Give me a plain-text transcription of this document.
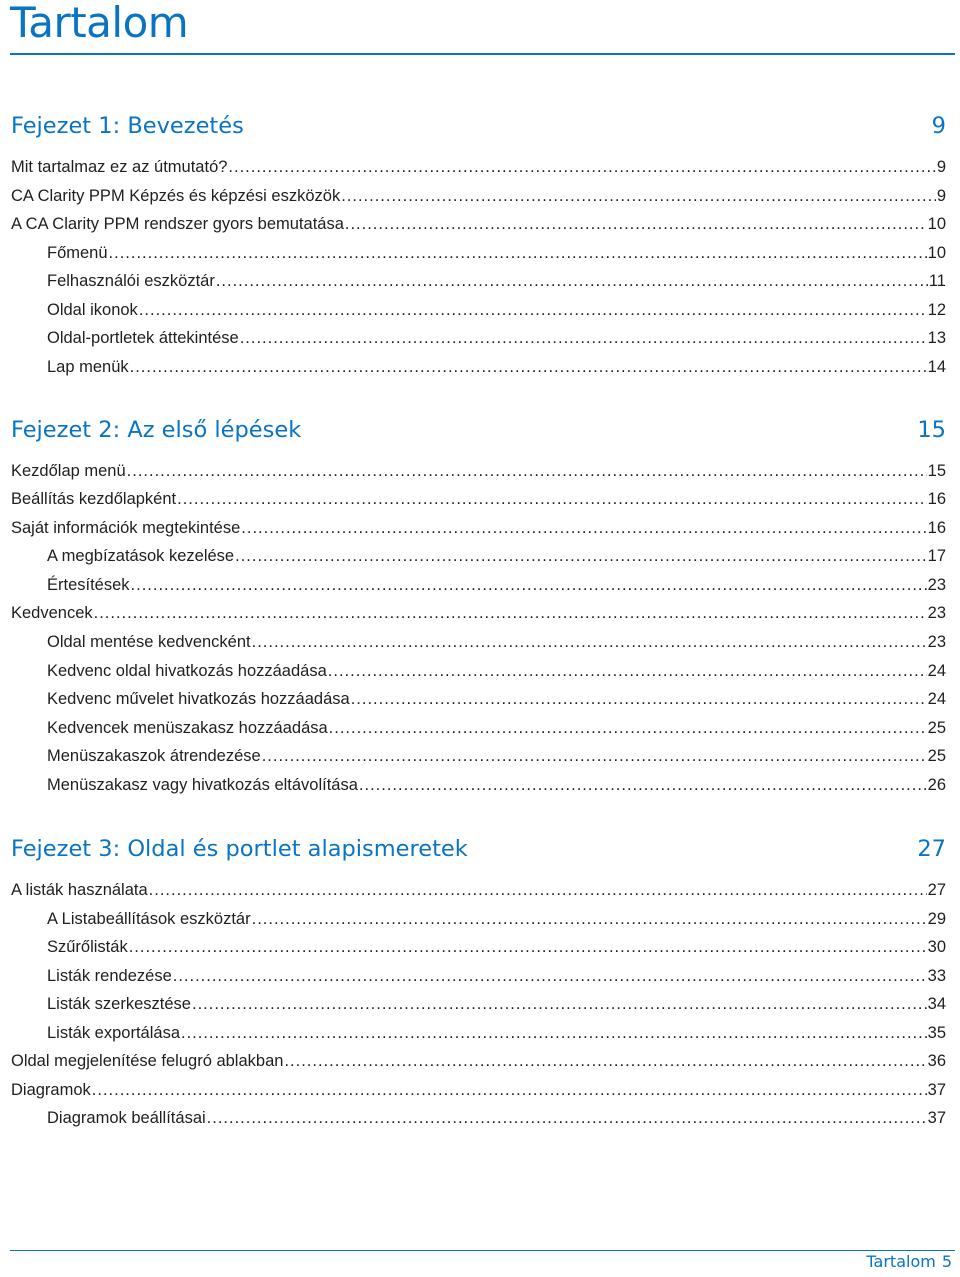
Tartalom
Fejezet 1: Bevezetés	9
Mit tartalmaz ez az útmutató? .....	9
CA Clarity PPM Képzés és képzési eszközök .....	9
A CA Clarity PPM rendszer gyors bemutatása .....	10
Főmenü .....	10
Felhasználói eszköztár .....	11
Oldal ikonok .....	12
Oldal-portletek áttekintése .....	13
Lap menük .....	14
Fejezet 2: Az első lépések	15
Kezdőlap menü .....	15
Beállítás kezdőlapként .....	16
Saját információk megtekintése .....	16
A megbízatások kezelése .....	17
Értesítések .....	23
Kedvencek .....	23
Oldal mentése kedvencként .....	23
Kedvenc oldal hivatkozás hozzáadása .....	24
Kedvenc művelet hivatkozás hozzáadása .....	24
Kedvencek menüszakasz hozzáadása .....	25
Menüszakaszok átrendezése .....	25
Menüszakasz vagy hivatkozás eltávolítása .....	26
Fejezet 3: Oldal és portlet alapismeretek	27
A listák használata .....	27
A Listabeállítások eszköztár .....	29
Szűrőlisták .....	30
Listák rendezése .....	33
Listák szerkesztése .....	34
Listák exportálása .....	35
Oldal megjelenítése felugró ablakban .....	36
Diagramok .....	37
Diagramok beállításai .....	37
Tartalom 5
